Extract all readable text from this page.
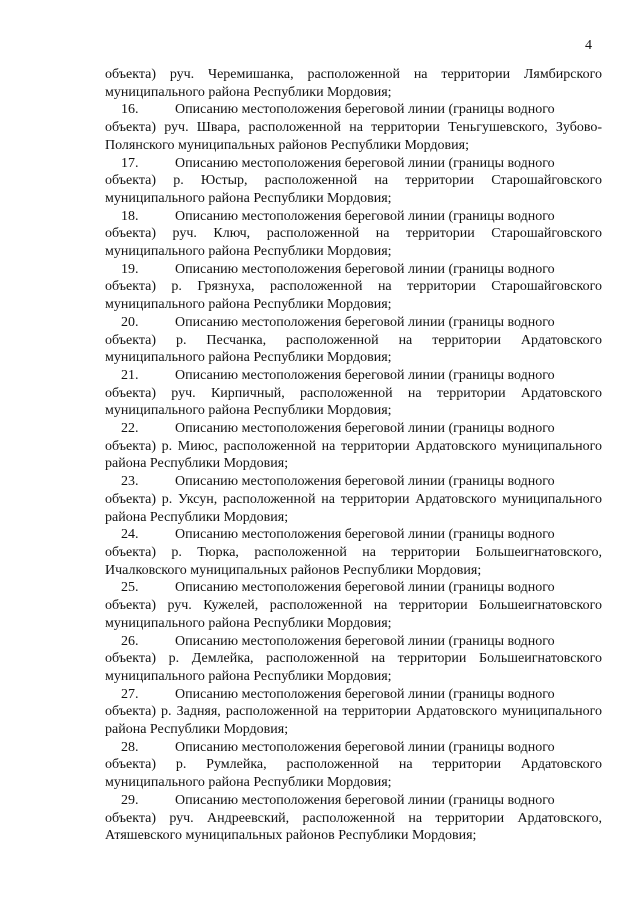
4

объекта) руч. Черемишанка, расположенной на территории Лямбирского муниципального района Республики Мордовия;

16.	Описанию местоположения береговой линии (границы водного
объекта) руч. Швара, расположенной на территории Теньгушевского, Зубово-Полянского муниципальных районов Республики Мордовия;

17.	Описанию местоположения береговой линии (границы водного
объекта) р. Юстыр, расположенной на территории Старошайговского муниципального района Республики Мордовия;

18.	Описанию местоположения береговой линии (границы водного
объекта) руч. Ключ, расположенной на территории Старошайговского муниципального района Республики Мордовия;

19.	Описанию местоположения береговой линии (границы водного
объекта) р. Грязнуха, расположенной на территории Старошайговского муниципального района Республики Мордовия;

20.	Описанию местоположения береговой линии (границы водного
объекта) р. Песчанка, расположенной на территории Ардатовского муниципального района Республики Мордовия;

21.	Описанию местоположения береговой линии (границы водного
объекта) руч. Кирпичный, расположенной на территории Ардатовского муниципального района Республики Мордовия;

22.	Описанию местоположения береговой линии (границы водного
объекта) р. Миюс, расположенной на территории Ардатовского муниципального района Республики Мордовия;

23.	Описанию местоположения береговой линии (границы водного
объекта) р. Уксун, расположенной на территории Ардатовского муниципального района Республики Мордовия;

24.	Описанию местоположения береговой линии (границы водного
объекта) р. Тюрка, расположенной на территории Большеигнатовского, Ичалковского муниципальных районов Республики Мордовия;

25.	Описанию местоположения береговой линии (границы водного
объекта) руч. Кужелей, расположенной на территории Большеигнатовского муниципального района Республики Мордовия;

26.	Описанию местоположения береговой линии (границы водного
объекта) р. Демлейка, расположенной на территории Большеигнатовского муниципального района Республики Мордовия;

27.	Описанию местоположения береговой линии (границы водного
объекта) р. Задняя, расположенной на территории Ардатовского муниципального района Республики Мордовия;

28.	Описанию местоположения береговой линии (границы водного
объекта) р. Румлейка, расположенной на территории Ардатовского муниципального района Республики Мордовия;

29.	Описанию местоположения береговой линии (границы водного
объекта) руч. Андреевский, расположенной на территории Ардатовского, Атяшевского муниципальных районов Республики Мордовия;
